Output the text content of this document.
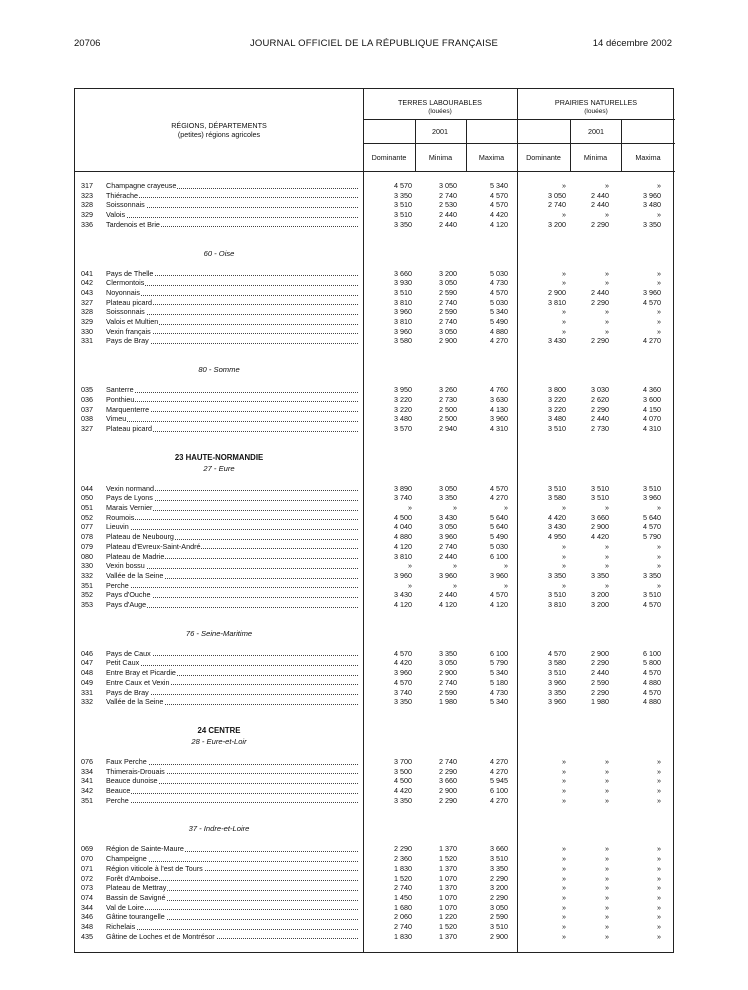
20706	JOURNAL OFFICIEL DE LA RÉPUBLIQUE FRANÇAISE	14 décembre 2002
RÉGIONS, DÉPARTEMENTS
(petites) régions agricoles
TERRES LABOURABLES
(louées)
PRAIRIES NATURELLES
(louées)
2001	2001
Dominante	Minima	Maxima	Dominante	Minima	Maxima
317 Champagne crayeuse	4 570	3 050	5 340	»	»	»
323 Thiérache	3 350	2 740	4 570	3 050	2 440	3 960
328 Soissonnais	3 510	2 530	4 570	2 740	2 440	3 480
329 Valois	3 510	2 440	4 420	»	»	»
336 Tardenois et Brie	3 350	2 440	4 120	3 200	2 290	3 350
60 - Oise
041 Pays de Thelle	3 660	3 200	5 030	»	»	»
042 Clermontois	3 930	3 050	4 730	»	»	»
043 Noyonnais	3 510	2 590	4 570	2 900	2 440	3 960
327 Plateau picard	3 810	2 740	5 030	3 810	2 290	4 570
328 Soissonnais	3 960	2 590	5 340	»	»	»
329 Valois et Multien	3 810	2 740	5 490	»	»	»
330 Vexin français	3 960	3 050	4 880	»	»	»
331 Pays de Bray	3 580	2 900	4 270	3 430	2 290	4 270
80 - Somme
035 Santerre	3 950	3 260	4 760	3 800	3 030	4 360
036 Ponthieu	3 220	2 730	3 630	3 220	2 620	3 600
037 Marquenterre	3 220	2 500	4 130	3 220	2 290	4 150
038 Vimeu	3 480	2 500	3 960	3 480	2 440	4 070
327 Plateau picard	3 570	2 940	4 310	3 510	2 730	4 310
23 HAUTE-NORMANDIE
27 - Eure
044 Vexin normand	3 890	3 050	4 570	3 510	3 510	3 510
050 Pays de Lyons	3 740	3 350	4 270	3 580	3 510	3 960
051 Marais Vernier	»	»	»	»	»	»
052 Roumois	4 500	3 430	5 640	4 420	3 660	5 640
077 Lieuvin	4 040	3 050	5 640	3 430	2 900	4 570
078 Plateau de Neubourg	4 880	3 960	5 490	4 950	4 420	5 790
079 Plateau d'Evreux-Saint-André	4 120	2 740	5 030	»	»	»
080 Plateau de Madrie	3 810	2 440	6 100	»	»	»
330 Vexin bossu	»	»	»	»	»	»
332 Vallée de la Seine	3 960	3 960	3 960	3 350	3 350	3 350
351 Perche	»	»	»	»	»	»
352 Pays d'Ouche	3 430	2 440	4 570	3 510	3 200	3 510
353 Pays d'Auge	4 120	4 120	4 120	3 810	3 200	4 570
76 - Seine-Maritime
046 Pays de Caux	4 570	3 350	6 100	4 570	2 900	6 100
047 Petit Caux	4 420	3 050	5 790	3 580	2 290	5 800
048 Entre Bray et Picardie	3 960	2 900	5 340	3 510	2 440	4 570
049 Entre Caux et Vexin	4 570	2 740	5 180	3 960	2 590	4 880
331 Pays de Bray	3 740	2 590	4 730	3 350	2 290	4 570
332 Vallée de la Seine	3 350	1 980	5 340	3 960	1 980	4 880
24 CENTRE
28 - Eure-et-Loir
076 Faux Perche	3 700	2 740	4 270	»	»	»
334 Thimerais-Drouais	3 500	2 290	4 270	»	»	»
341 Beauce dunoise	4 500	3 660	5 945	»	»	»
342 Beauce	4 420	2 900	6 100	»	»	»
351 Perche	3 350	2 290	4 270	»	»	»
37 - Indre-et-Loire
069 Région de Sainte-Maure	2 290	1 370	3 660	»	»	»
070 Champeigne	2 360	1 520	3 510	»	»	»
071 Région viticole à l'est de Tours	1 830	1 370	3 350	»	»	»
072 Forêt d'Amboise	1 520	1 070	2 290	»	»	»
073 Plateau de Mettray	2 740	1 370	3 200	»	»	»
074 Bassin de Savigné	1 450	1 070	2 290	»	»	»
344 Val de Loire	1 680	1 070	3 050	»	»	»
346 Gâtine tourangelle	2 060	1 220	2 590	»	»	»
348 Richelais	2 740	1 520	3 510	»	»	»
435 Gâtine de Loches et de Montrésor	1 830	1 370	2 900	»	»	»
